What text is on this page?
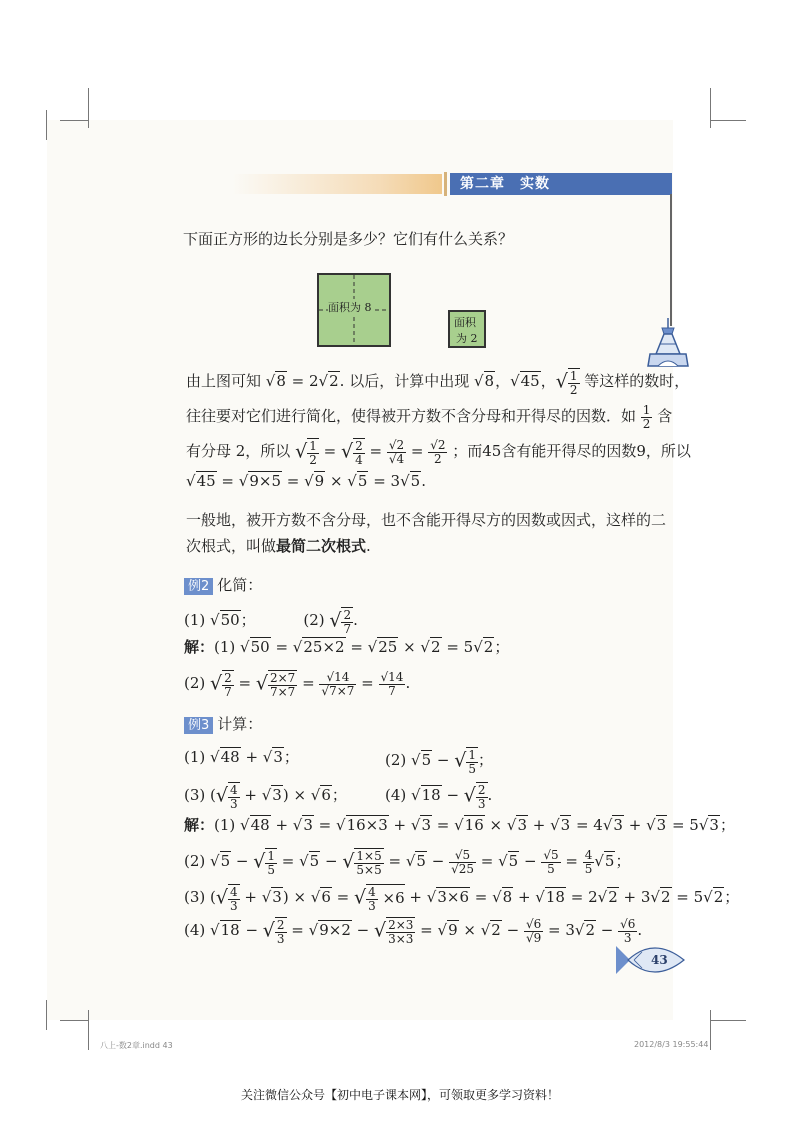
第二章　实数
下面正方形的边长分别是多少？它们有什么关系？
面积为 8
面积
为 2
由上图可知 √8 = 2√2. 以后，计算中出现 √8，√45，√ $\frac{1}{2}$ 等这样的数时，
往往要对它们进行简化，使得被开方数不含分母和开得尽的因数．如 $\frac{1}{2}$ 含
有分母 2，所以 √ $\frac{1}{2}$ = √ $\frac{2}{4} = \frac{√2}{√4} = \frac{√2}{2}$ ；而45含有能开得尽的因数9，所以
√45 = √9×5 = √9 × √5 = 3√5.
一般地，被开方数不含分母，也不含能开得尽方的因数或因式，这样的二
次根式，叫做最简二次根式.
例2 化简：
(1) √50；          (2) √ $\frac{2}{7}$ .
解：(1) √50 = √25×2 = √25 × √2 = 5√2；
(2) √ $\frac{2}{7}$ = √ $\frac{2\times 7}{7\times 7} = \frac{√14}{√7\times 7} = \frac{√14}{7}$ .
例3 计算：
(1) √48 + √3；	(2) √5 − √ $\frac{1}{5}$ ；
(3) (√ $\frac{4}{3} + √3) \times √6$；	(4) √18 − √ $\frac{2}{3}$ .
解：(1) √48 + √3 = √16×3 + √3 = √16 × √3 + √3 = 4√3 + √3 = 5√3；
(2) √5 − √ $\frac{1}{5} = √5$ − √ $\frac{1\times 5}{5\times 5} = √5 - \frac{√5}{√25} = √5 - \frac{√5}{5} = \frac{4}{5} √5$；
(3) (√ $\frac{4}{3} + √3) \times √6$ = √ $\frac{4}{3} \times 6 + √3\times 6 = √8 + √18 = 2√2 + 3√2 = 5√2$；
(4) √18 − √ $\frac{2}{3} = √9\times 2$ − √ $\frac{2\times 3}{3\times 3} = √9 \times √2 - \frac{√6}{√9} = 3√2 - \frac{√6}{3}$ .
43
八上-数2章.indd 43	2012/8/3 19:55:44
关注微信公众号【初中电子课本网】，可领取更多学习资料！
